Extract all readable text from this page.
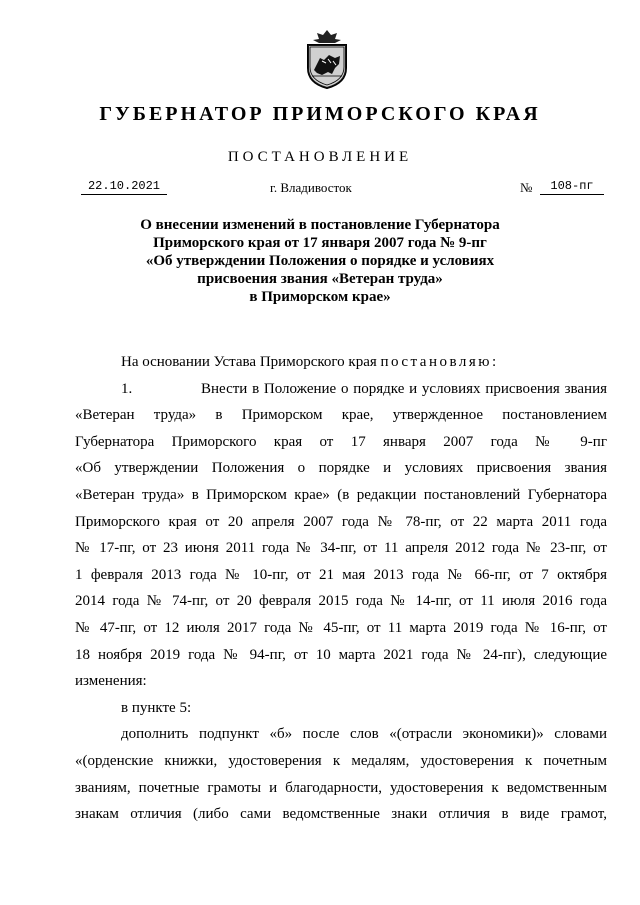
ГУБЕРНАТОР ПРИМОРСКОГО КРАЯ
ПОСТАНОВЛЕНИЕ
22.10.2021	г. Владивосток	№	108-пг
О внесении изменений в постановление Губернатора
Приморского края от 17 января 2007 года № 9-пг
«Об утверждении Положения о порядке и условиях
присвоения звания «Ветеран труда»
в Приморском крае»
На основании Устава Приморского края постановляю:
1.	Внести в Положение о порядке и условиях присвоения звания
«Ветеран труда» в Приморском крае, утвержденное постановлением
Губернатора Приморского края от 17 января 2007 года № 9-пг
«Об утверждении Положения о порядке и условиях присвоения звания
«Ветеран труда» в Приморском крае» (в редакции постановлений Губернатора
Приморского края от 20 апреля 2007 года № 78-пг, от 22 марта 2011 года
№ 17-пг, от 23 июня 2011 года № 34-пг, от 11 апреля 2012 года № 23-пг, от
1 февраля 2013 года № 10-пг, от 21 мая 2013 года № 66-пг, от 7 октября
2014 года № 74-пг, от 20 февраля 2015 года № 14-пг, от 11 июля 2016 года
№ 47-пг, от 12 июля 2017 года № 45-пг, от 11 марта 2019 года № 16-пг, от
18 ноября 2019 года № 94-пг, от 10 марта 2021 года № 24-пг), следующие
изменения:
в пункте 5:
дополнить подпункт «б» после слов «(отрасли экономики)» словами
«(орденские книжки, удостоверения к медалям, удостоверения к почетным
званиям, почетные грамоты и благодарности, удостоверения к ведомственным
знакам отличия (либо сами ведомственные знаки отличия в виде грамот,
